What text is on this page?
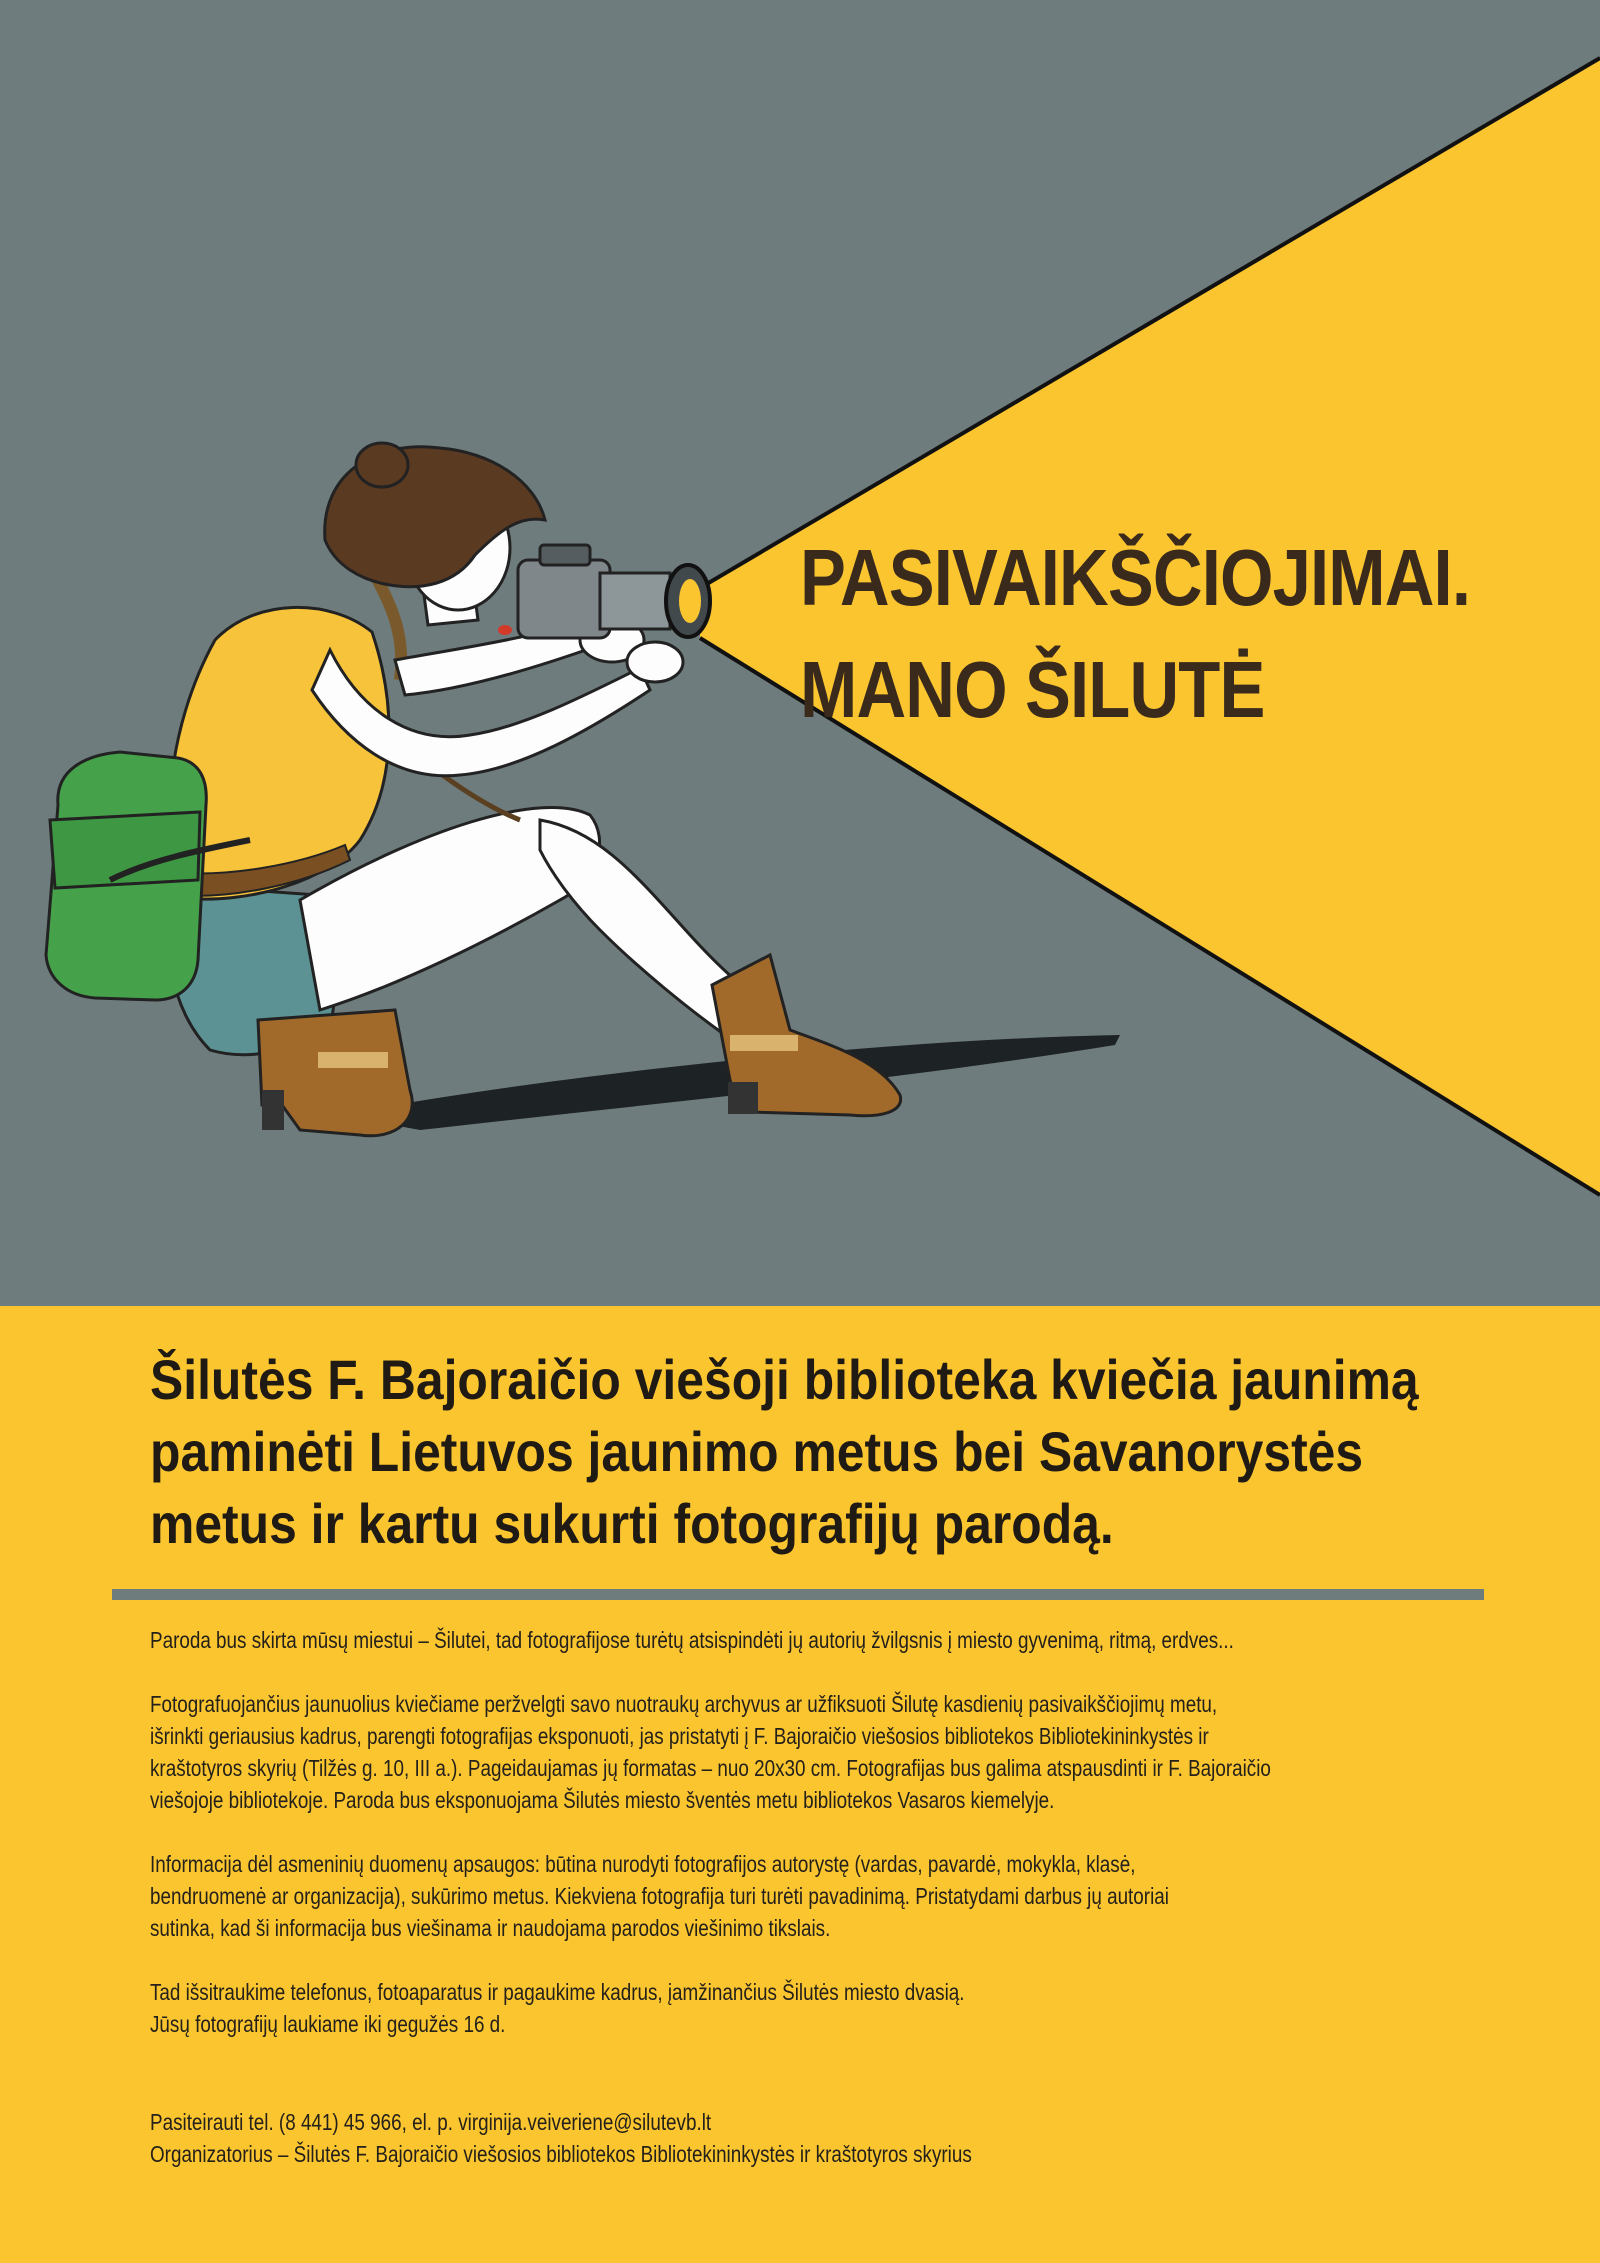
PASIVAIKŠČIOJIMAI.
MANO ŠILUTĖ
Šilutės F. Bajoraičio viešoji biblioteka kviečia jaunimą
paminėti Lietuvos jaunimo metus bei Savanorystės
metus ir kartu sukurti fotografijų parodą.

Paroda bus skirta mūsų miestui – Šilutei, tad fotografijose turėtų atsispindėti jų autorių žvilgsnis į miesto gyvenimą, ritmą, erdves...

Fotografuojančius jaunuolius kviečiame peržvelgti savo nuotraukų archyvus ar užfiksuoti Šilutę kasdienių pasivaikščiojimų metu,
išrinkti geriausius kadrus, parengti fotografijas eksponuoti, jas pristatyti į F. Bajoraičio viešosios bibliotekos Bibliotekininkystės ir
kraštotyros skyrių (Tilžės g. 10, III a.). Pageidaujamas jų formatas – nuo 20x30 cm. Fotografijas bus galima atspausdinti ir F. Bajoraičio
viešojoje bibliotekoje. Paroda bus eksponuojama Šilutės miesto šventės metu bibliotekos Vasaros kiemelyje.

Informacija dėl asmeninių duomenų apsaugos: būtina nurodyti fotografijos autorystę (vardas, pavardė, mokykla, klasė,
bendruomenė ar organizacija), sukūrimo metus. Kiekviena fotografija turi turėti pavadinimą. Pristatydami darbus jų autoriai
sutinka, kad ši informacija bus viešinama ir naudojama parodos viešinimo tikslais.

Tad išsitraukime telefonus, fotoaparatus ir pagaukime kadrus, įamžinančius Šilutės miesto dvasią.
Jūsų fotografijų laukiame iki gegužės 16 d.

Pasiteirauti tel. (8 441) 45 966, el. p. virginija.veiveriene@silutevb.lt
Organizatorius – Šilutės F. Bajoraičio viešosios bibliotekos Bibliotekininkystės ir kraštotyros skyrius
